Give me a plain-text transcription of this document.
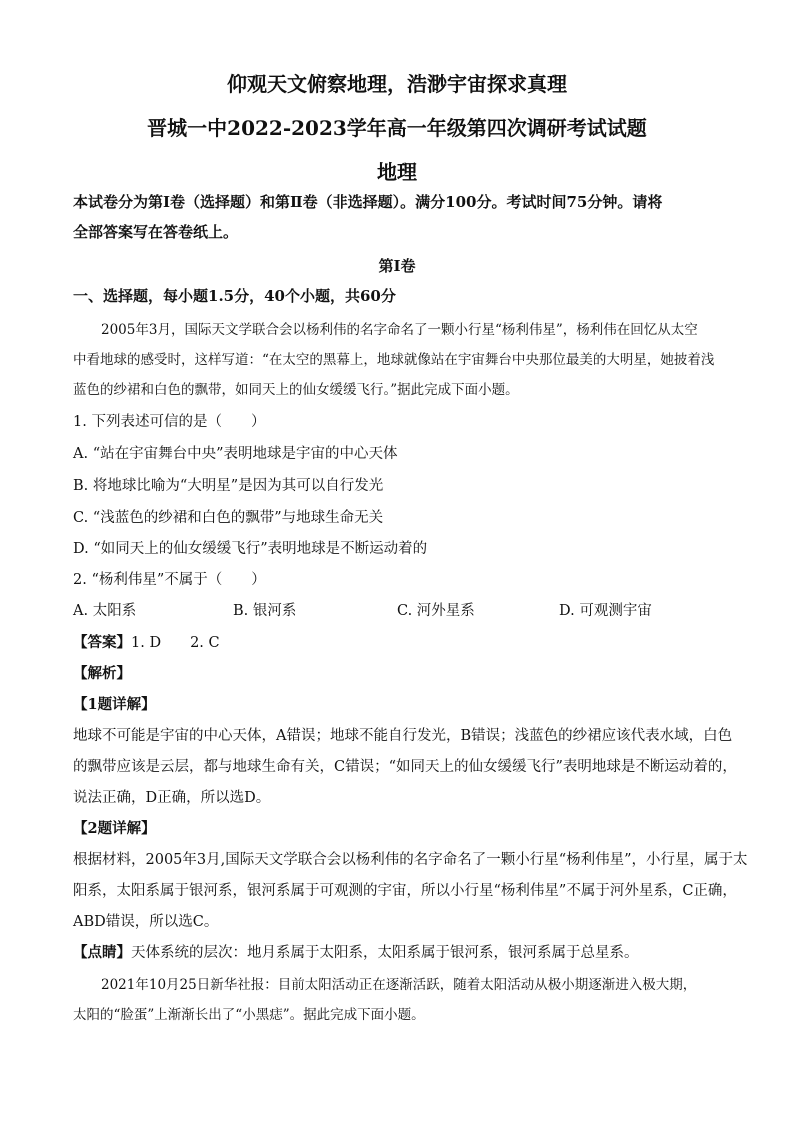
仰观天文俯察地理，浩渺宇宙探求真理
晋城一中2022-2023学年高一年级第四次调研考试试题
地理
本试卷分为第Ⅰ卷（选择题）和第Ⅱ卷（非选择题）。满分100分。考试时间75分钟。请将
全部答案写在答卷纸上。
第Ⅰ卷
一、选择题，每小题1.5分，40个小题，共60分
2005年3月，国际天文学联合会以杨利伟的名字命名了一颗小行星“杨利伟星”，杨利伟在回忆从太空
中看地球的感受时，这样写道：“在太空的黑幕上，地球就像站在宇宙舞台中央那位最美的大明星，她披着浅
蓝色的纱裙和白色的飘带，如同天上的仙女缓缓飞行。”据此完成下面小题。
1. 下列表述可信的是（　　）
A. “站在宇宙舞台中央”表明地球是宇宙的中心天体
B. 将地球比喻为“大明星”是因为其可以自行发光
C. “浅蓝色的纱裙和白色的飘带”与地球生命无关
D. “如同天上的仙女缓缓飞行”表明地球是不断运动着的
2. “杨利伟星”不属于（　　）
A. 太阳系	B. 银河系	C. 河外星系	D. 可观测宇宙
【答案】1. D　　2. C
【解析】
【1题详解】
地球不可能是宇宙的中心天体，A错误；地球不能自行发光，B错误；浅蓝色的纱裙应该代表水域，白色
的飘带应该是云层，都与地球生命有关，C错误；“如同天上的仙女缓缓飞行”表明地球是不断运动着的，
说法正确，D正确，所以选D。
【2题详解】
根据材料，2005年3月,国际天文学联合会以杨利伟的名字命名了一颗小行星“杨利伟星”，小行星，属于太
阳系，太阳系属于银河系，银河系属于可观测的宇宙，所以小行星“杨利伟星”不属于河外星系，C正确，
ABD错误，所以选C。
【点睛】天体系统的层次：地月系属于太阳系，太阳系属于银河系，银河系属于总星系。
2021年10月25日新华社报：目前太阳活动正在逐渐活跃，随着太阳活动从极小期逐渐进入极大期，
太阳的“脸蛋”上渐渐长出了“小黑痣”。据此完成下面小题。
